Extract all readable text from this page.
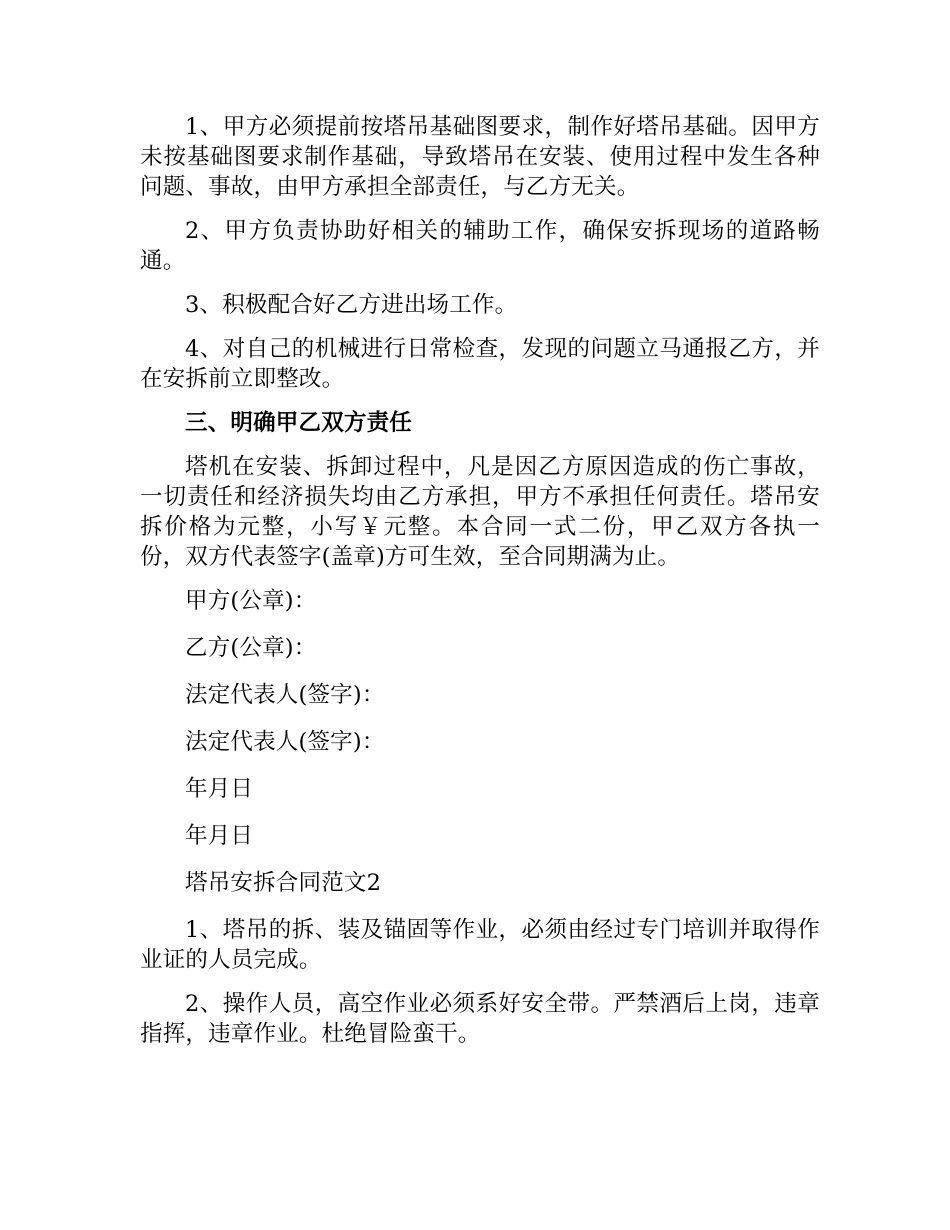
1、甲方必须提前按塔吊基础图要求，制作好塔吊基础。因甲方未按基础图要求制作基础，导致塔吊在安装、使用过程中发生各种问题、事故，由甲方承担全部责任，与乙方无关。

2、甲方负责协助好相关的辅助工作，确保安拆现场的道路畅通。

3、积极配合好乙方进出场工作。

4、对自己的机械进行日常检查，发现的问题立马通报乙方，并在安拆前立即整改。

三、明确甲乙双方责任

塔机在安装、拆卸过程中，凡是因乙方原因造成的伤亡事故，一切责任和经济损失均由乙方承担，甲方不承担任何责任。塔吊安拆价格为元整，小写￥元整。本合同一式二份，甲乙双方各执一份，双方代表签字(盖章)方可生效，至合同期满为止。

甲方(公章)：

乙方(公章)：

法定代表人(签字)：

法定代表人(签字)：

年月日

年月日

塔吊安拆合同范文2

1、塔吊的拆、装及锚固等作业，必须由经过专门培训并取得作业证的人员完成。

2、操作人员，高空作业必须系好安全带。严禁酒后上岗，违章指挥，违章作业。杜绝冒险蛮干。
